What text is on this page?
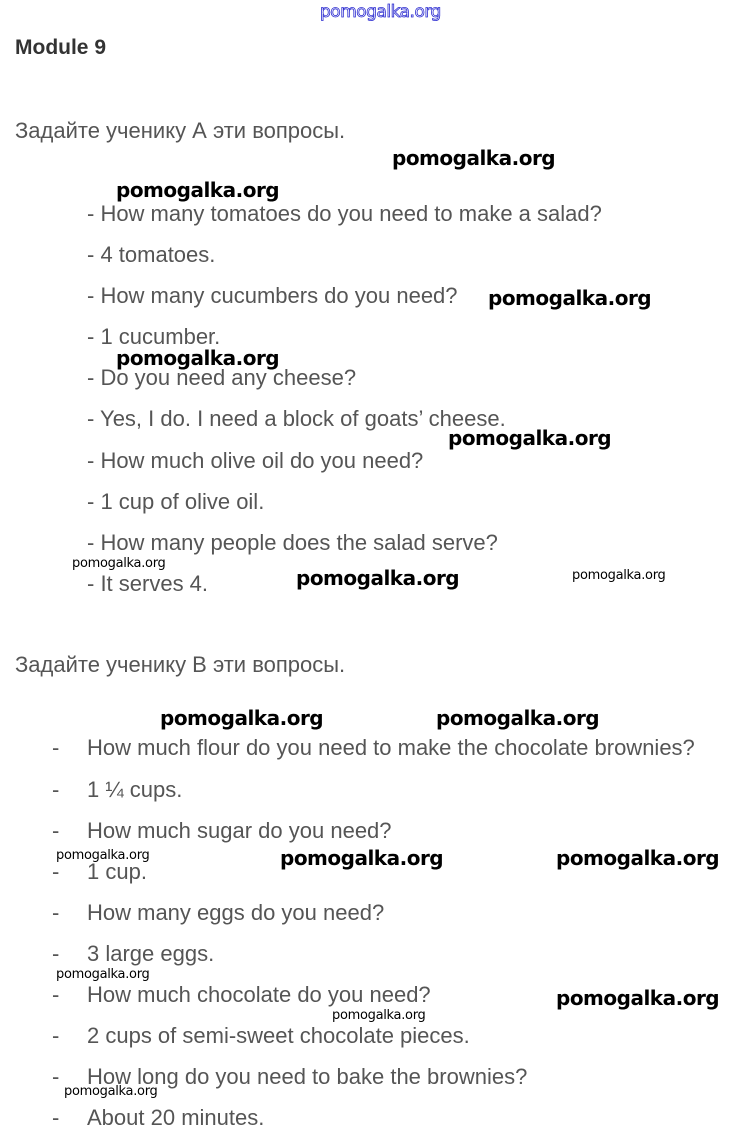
pomogalka.org
Module 9
Задайте ученику А эти вопросы.
- How many tomatoes do you need to make a salad?
- 4 tomatoes.
- How many cucumbers do you need?
- 1 cucumber.
- Do you need any cheese?
- Yes, I do. I need a block of goats’ cheese.
- How much olive oil do you need?
- 1 cup of olive oil.
- How many people does the salad serve?
- It serves 4.
Задайте ученику В эти вопросы.
- How much flour do you need to make the chocolate brownies?
- 1 ¼ cups.
- How much sugar do you need?
- 1 cup.
- How many eggs do you need?
- 3 large eggs.
- How much chocolate do you need?
- 2 cups of semi-sweet chocolate pieces.
- How long do you need to bake the brownies?
- About 20 minutes.
pomogalka.org
pomogalka.org
pomogalka.org
pomogalka.org
pomogalka.org
pomogalka.org
pomogalka.org	pomogalka.org
pomogalka.org	pomogalka.org
pomogalka.org	pomogalka.org	pomogalka.org
pomogalka.org
pomogalka.org
pomogalka.org
pomogalka.org
